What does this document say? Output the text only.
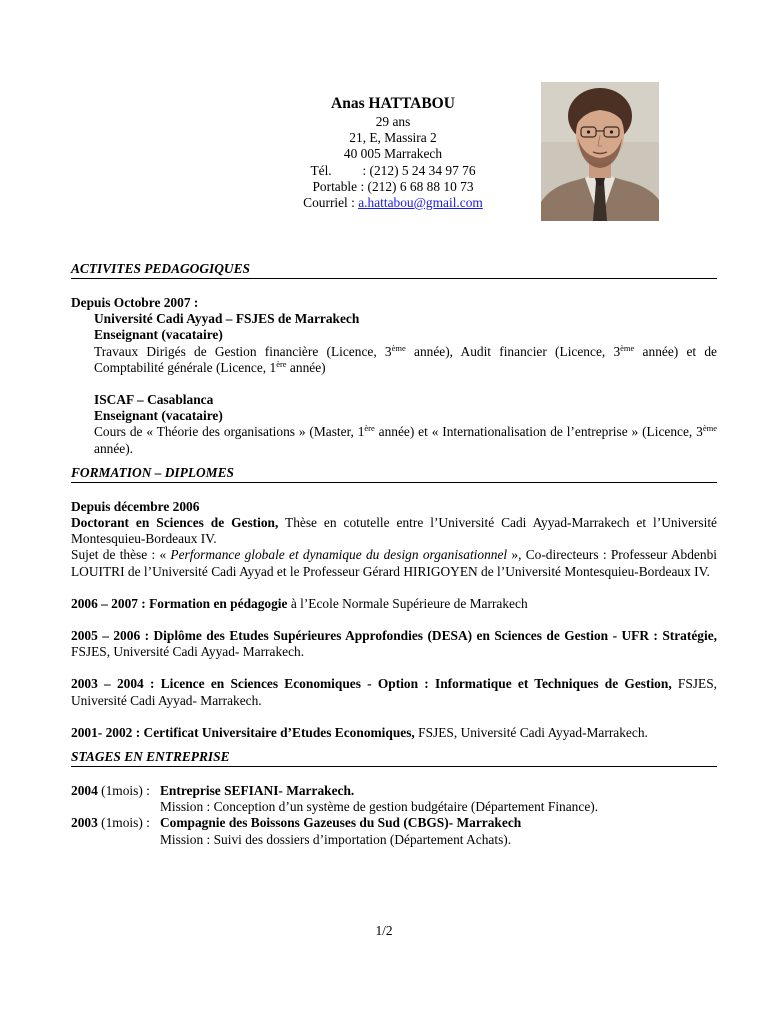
Anas HATTABOU
29 ans
21, E, Massira 2
40 005 Marrakech
Tél. : (212) 5 24 34 97 76
Portable : (212) 6 68 88 10 73
Courriel : a.hattabou@gmail.com
ACTIVITES PEDAGOGIQUES
Depuis Octobre 2007 :
Université Cadi Ayyad – FSJES de Marrakech
Enseignant (vacataire)
Travaux Dirigés de Gestion financière (Licence, 3ème année), Audit financier (Licence, 3ème année) et de Comptabilité générale (Licence, 1ère année)
ISCAF – Casablanca
Enseignant (vacataire)
Cours de « Théorie des organisations » (Master, 1ère année) et « Internationalisation de l’entreprise » (Licence, 3ème année).
FORMATION – DIPLOMES
Depuis décembre 2006
Doctorant en Sciences de Gestion, Thèse en cotutelle entre l’Université Cadi Ayyad-Marrakech et l’Université Montesquieu-Bordeaux IV.
Sujet de thèse : « Performance globale et dynamique du design organisationnel », Co-directeurs : Professeur Abdenbi LOUITRI de l’Université Cadi Ayyad et le Professeur Gérard HIRIGOYEN de l’Université Montesquieu-Bordeaux IV.
2006 – 2007 : Formation en pédagogie à l’Ecole Normale Supérieure de Marrakech
2005 – 2006 : Diplôme des Etudes Supérieures Approfondies (DESA) en Sciences de Gestion - UFR : Stratégie, FSJES, Université Cadi Ayyad- Marrakech.
2003 – 2004 : Licence en Sciences Economiques - Option : Informatique et Techniques de Gestion, FSJES, Université Cadi Ayyad- Marrakech.
2001- 2002 : Certificat Universitaire d’Etudes Economiques, FSJES, Université Cadi Ayyad-Marrakech.
STAGES EN ENTREPRISE
2004 (1mois) : Entreprise SEFIANI- Marrakech.
Mission : Conception d’un système de gestion budgétaire (Département Finance).
2003 (1mois) : Compagnie des Boissons Gazeuses du Sud (CBGS)- Marrakech
Mission : Suivi des dossiers d’importation (Département Achats).
1/2
